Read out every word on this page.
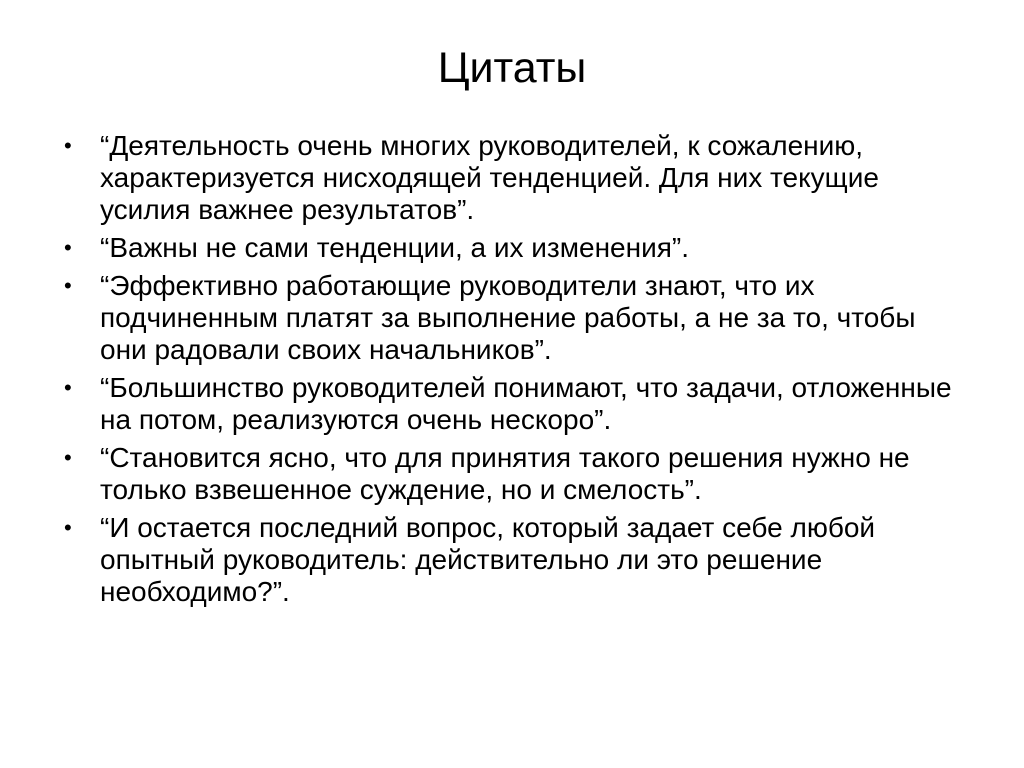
Цитаты
•	“Деятельность очень многих руководителей, к сожалению, характеризуется нисходящей тенденцией. Для них текущие усилия важнее результатов”.
•	“Важны не сами тенденции, а их изменения”.
•	“Эффективно работающие руководители знают, что их подчиненным платят за выполнение работы, а не за то, чтобы они радовали своих начальников”.
•	“Большинство руководителей понимают, что задачи, отложенные на потом, реализуются очень нескоро”.
•	“Становится ясно, что для принятия такого решения нужно не только взвешенное суждение, но и смелость”.
•	“И остается последний вопрос, который задает себе любой опытный руководитель: действительно ли это решение необходимо?”.
